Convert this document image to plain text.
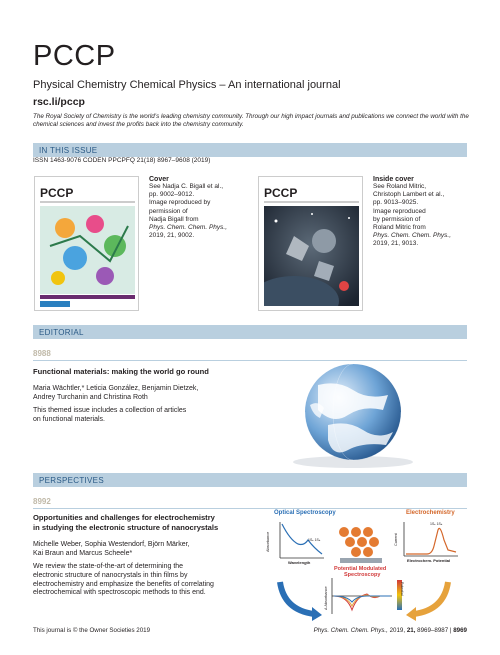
PCCP
Physical Chemistry Chemical Physics – An international journal
rsc.li/pccp
The Royal Society of Chemistry is the world’s leading chemistry community. Through our high impact journals and publications we connect the world with the chemical sciences and invest the profits back into the chemistry community.
IN THIS ISSUE
ISSN 1463-9076 CODEN PPCPFQ 21(18) 8967–9608 (2019)
PCCP
Cover
See Nadja C. Bigall et al.,
pp. 9002–9012.
Image reproduced by
permission of
Nadja Bigall from
Phys. Chem. Chem. Phys.,
2019, 21, 9002.
PCCP
Inside cover
See Roland Mitric,
Christoph Lambert et al.,
pp. 9013–9025.
Image reproduced
by permission of
Roland Mitric from
Phys. Chem. Chem. Phys.,
2019, 21, 9013.
EDITORIAL
8988
Functional materials: making the world go round
Maria Wächtler,* Leticia González, Benjamin Dietzek,
Andrey Turchanin and Christina Roth
This themed issue includes a collection of articles
on functional materials.
PERSPECTIVES
8992
Opportunities and challenges for electrochemistry
in studying the electronic structure of nanocrystals
Michelle Weber, Sophia Westendorf, Björn Märker,
Kai Braun and Marcus Scheele*
We review the state-of-the-art of determining the
electronic structure of nanocrystals in thin films by
electrochemistry and emphasize the benefits of correlating
electrochemical with spectroscopic methods to this end.
Optical Spectroscopy	Electrochemistry
Absorbance
Wavelength
1Sₑ 1Sₕ	Current
Electrochem. Potential
1Sₑ 1Sₕ
Potential Modulated
Spectroscopy
Δ Absorbance	Potential
This journal is © the Owner Societies 2019	Phys. Chem. Chem. Phys., 2019, 21, 8969–8987 | 8969
